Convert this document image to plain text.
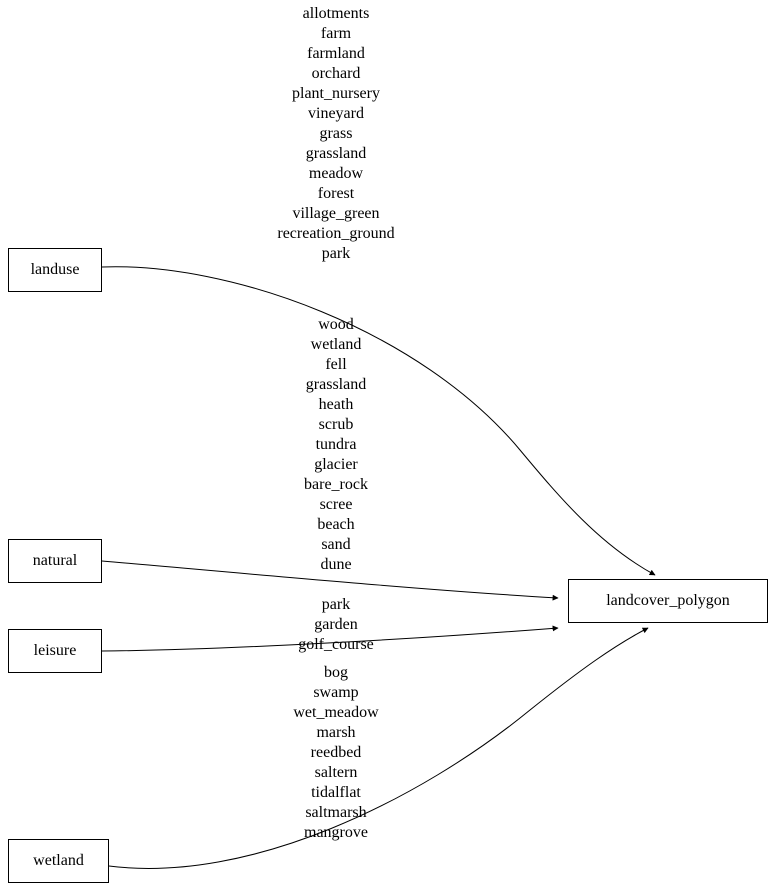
allotments
farm
farmland
orchard
plant_nursery
vineyard
grass
grassland
meadow
forest
village_green
recreation_ground
park
wood
wetland
fell
grassland
heath
scrub
tundra
glacier
bare_rock
scree
beach
sand
dune
park
garden
golf_course
bog
swamp
wet_meadow
marsh
reedbed
saltern
tidalflat
saltmarsh
mangrove
landuse
natural
leisure
wetland
landcover_polygon
